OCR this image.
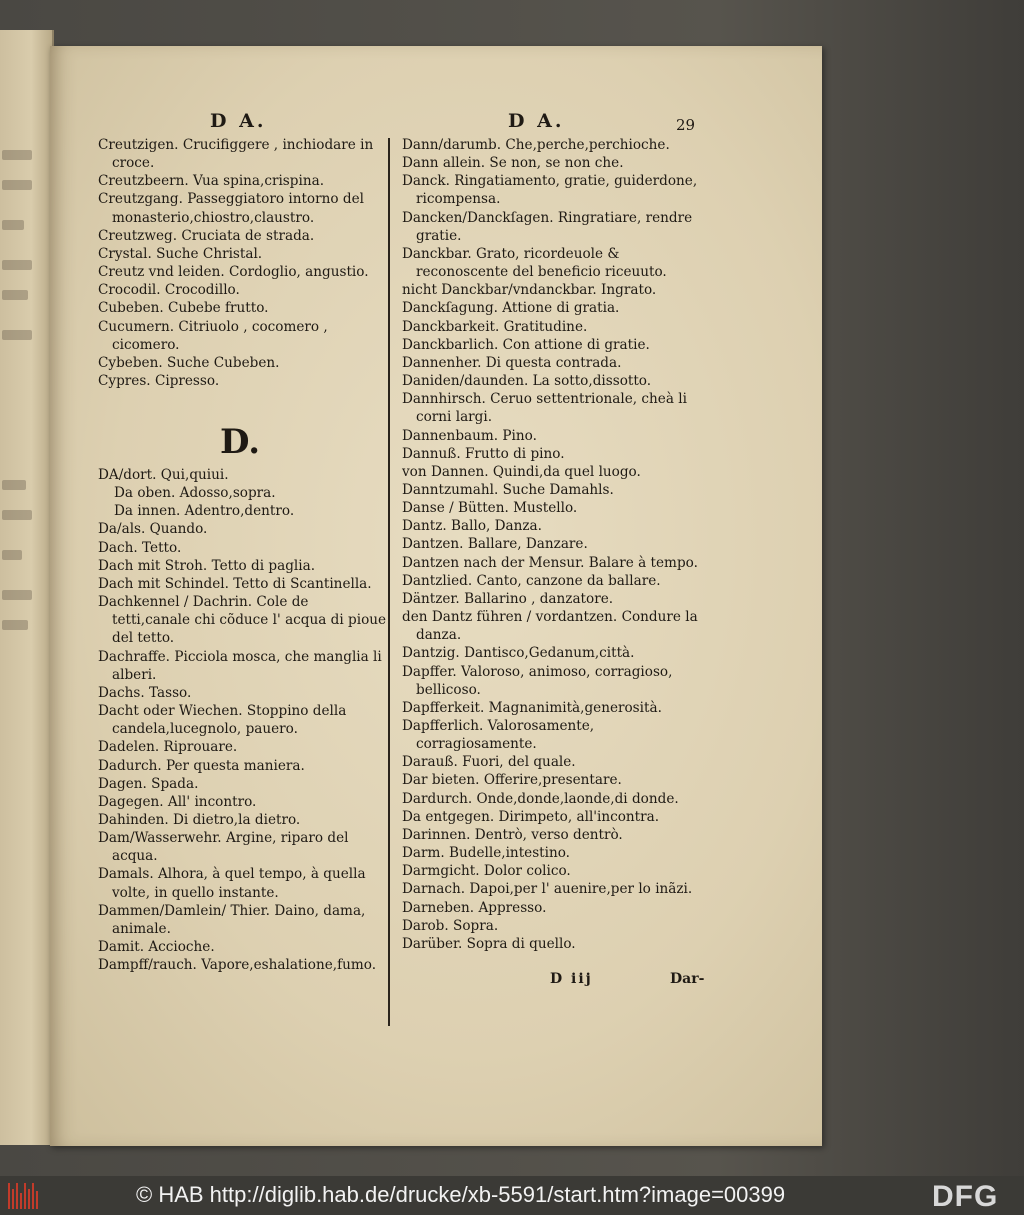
D A.	D A.	29
Creutzigen. Crucifiggere , inchiodare in croce.
Creutzbeern. Vua spina,crispina.
Creutzgang. Passeggiatoro intorno del monasterio,chiostro,claustro.
Creutzweg. Cruciata de strada.
Crystal. Suche Christal.
Creutz vnd leiden. Cordoglio, angustio.
Crocodil. Crocodillo.
Cubeben. Cubebe frutto.
Cucumern. Citriuolo , cocomero , cicomero.
Cybeben. Suche Cubeben.
Cypres. Cipresso.
D.
DA/dort. Qui,quiui.
Da oben. Adosso,sopra.
Da innen. Adentro,dentro.
Da/als. Quando.
Dach. Tetto.
Dach mit Stroh. Tetto di paglia.
Dach mit Schindel. Tetto di Scantinella.
Dachkennel / Dachrin. Cole de tetti,canale chi cõduce l' acqua di pioue del tetto.
Dachraffe. Picciola mosca, che manglia li alberi.
Dachs. Tasso.
Dacht oder Wiechen. Stoppino della candela,lucegnolo, pauero.
Dadelen. Riprouare.
Dadurch. Per questa maniera.
Dagen. Spada.
Dagegen. All' incontro.
Dahinden. Di dietro,la dietro.
Dam/Wasserwehr. Argine, riparo del acqua.
Damals. Alhora, à quel tempo, à quella volte, in quello instante.
Dammen/Damlein/ Thier. Daino, dama, animale.
Damit. Accioche.
Dampff/rauch. Vapore,eshalatione,fumo.
Dann/darumb. Che,perche,perchioche.
Dann allein. Se non, se non che.
Danck. Ringatiamento, gratie, guiderdone, ricompensa.
Dancken/Danckſagen. Ringratiare, rendre gratie.
Danckbar. Grato, ricordeuole & reconoscente del beneficio riceuuto.
nicht Danckbar/vndanckbar. Ingrato.
Danckſagung. Attione di gratia.
Danckbarkeit. Gratitudine.
Danckbarlich. Con attione di gratie.
Dannenher. Di questa contrada.
Daniden/daunden. La sotto,dissotto.
Dannhirsch. Ceruo settentrionale, cheà li corni largi.
Dannenbaum. Pino.
Dannuß. Frutto di pino.
von Dannen. Quindi,da quel luogo.
Danntzumahl. Suche Damahls.
Danse / Bütten. Mustello.
Dantz. Ballo, Danza.
Dantzen. Ballare, Danzare.
Dantzen nach der Mensur. Balare à tempo.
Dantzlied. Canto, canzone da ballare.
Däntzer. Ballarino , danzatore.
den Dantz führen / vordantzen. Condure la danza.
Dantzig. Dantisco,Gedanum,città.
Dapffer. Valoroso, animoso, corragioso, bellicoso.
Dapfferkeit. Magnanimità,generosità.
Dapfferlich. Valorosamente, corragiosamente.
Darauß. Fuori, del quale.
Dar bieten. Offerire,presentare.
Dardurch. Onde,donde,laonde,di donde.
Da entgegen. Dirimpeto, all'incontra.
Darinnen. Dentrò, verso dentrò.
Darm. Budelle,intestino.
Darmgicht. Dolor colico.
Darnach. Dapoi,per l' auenire,per lo inãzi.
Darneben. Appresso.
Darob. Sopra.
Darüber. Sopra di quello.
D iij	Dar-
© HAB http://diglib.hab.de/drucke/xb-5591/start.htm?image=00399	DFG
